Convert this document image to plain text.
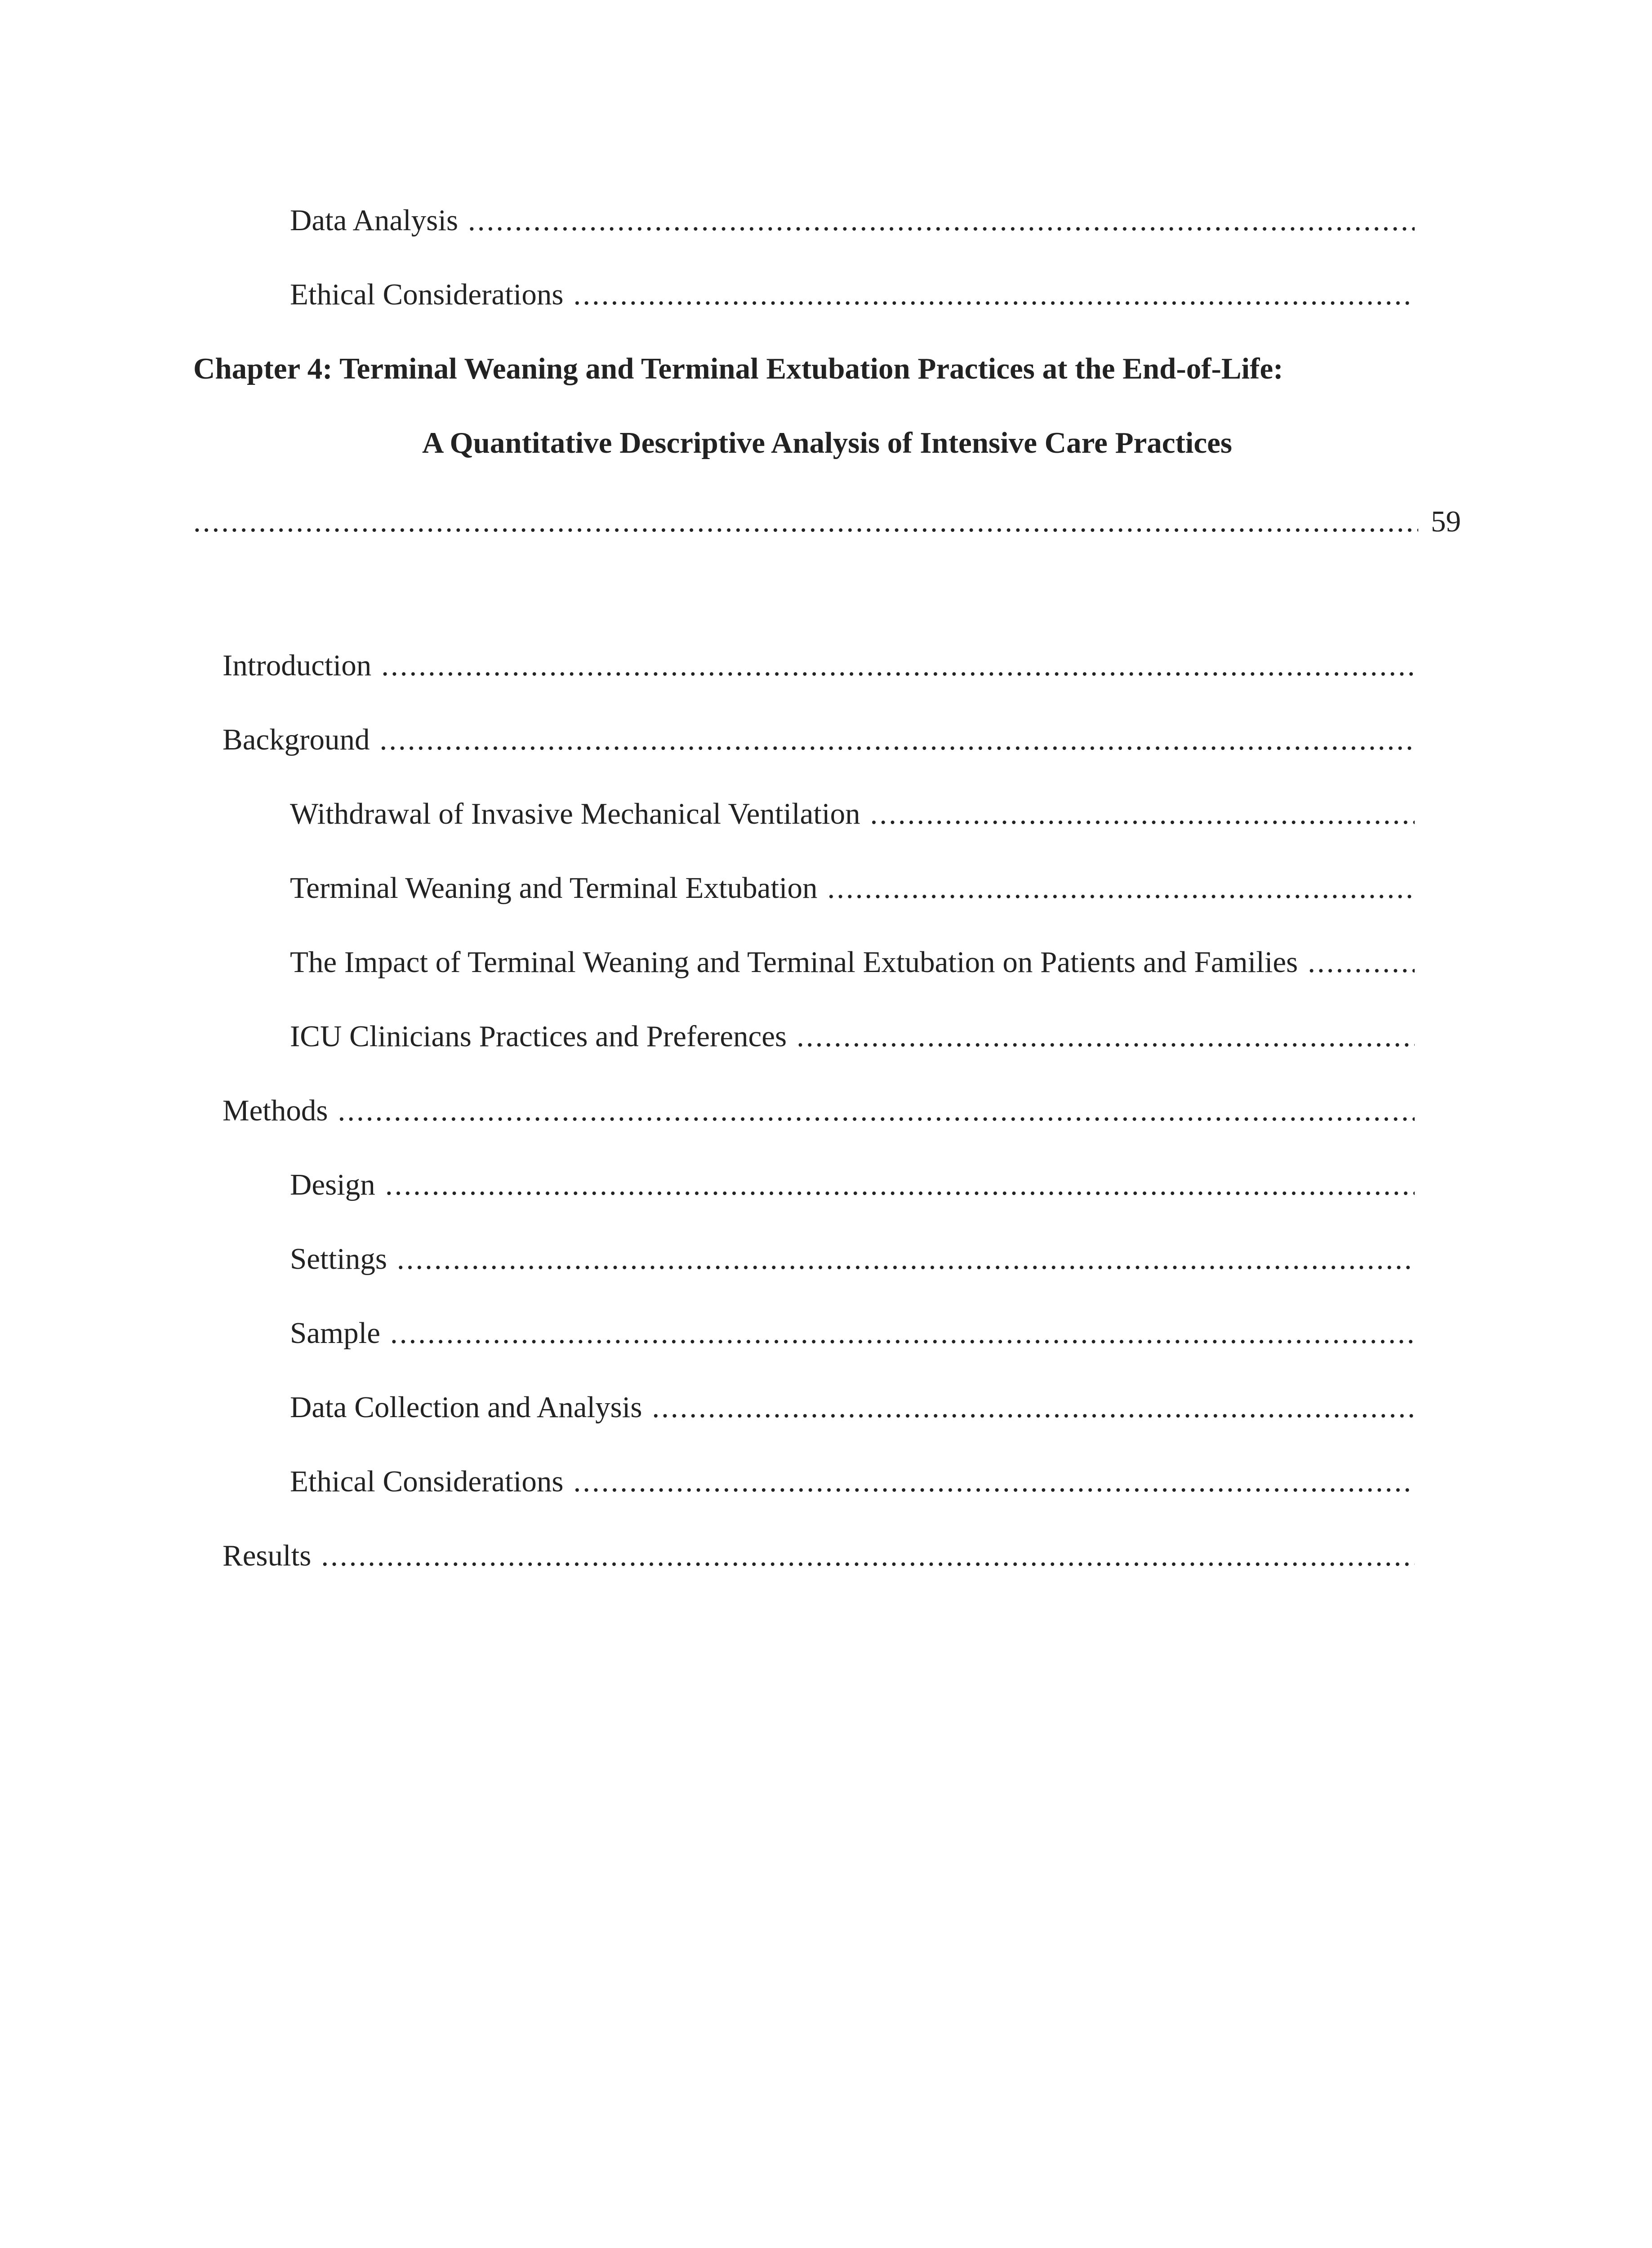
Data Analysis
.....
Ethical Considerations
.....
Chapter 4: Terminal Weaning and Terminal Extubation Practices at the End-of-Life:
A Quantitative Descriptive Analysis of Intensive Care Practices
.....
59
Introduction
.....
Background
.....
Withdrawal of Invasive Mechanical Ventilation
.....
Terminal Weaning and Terminal Extubation
.....
The Impact of Terminal Weaning and Terminal Extubation on Patients and Families
.....
ICU Clinicians Practices and Preferences
.....
Methods
.....
Design
.....
Settings
.....
Sample
.....
Data Collection and Analysis
.....
Ethical Considerations
.....
Results
.....
